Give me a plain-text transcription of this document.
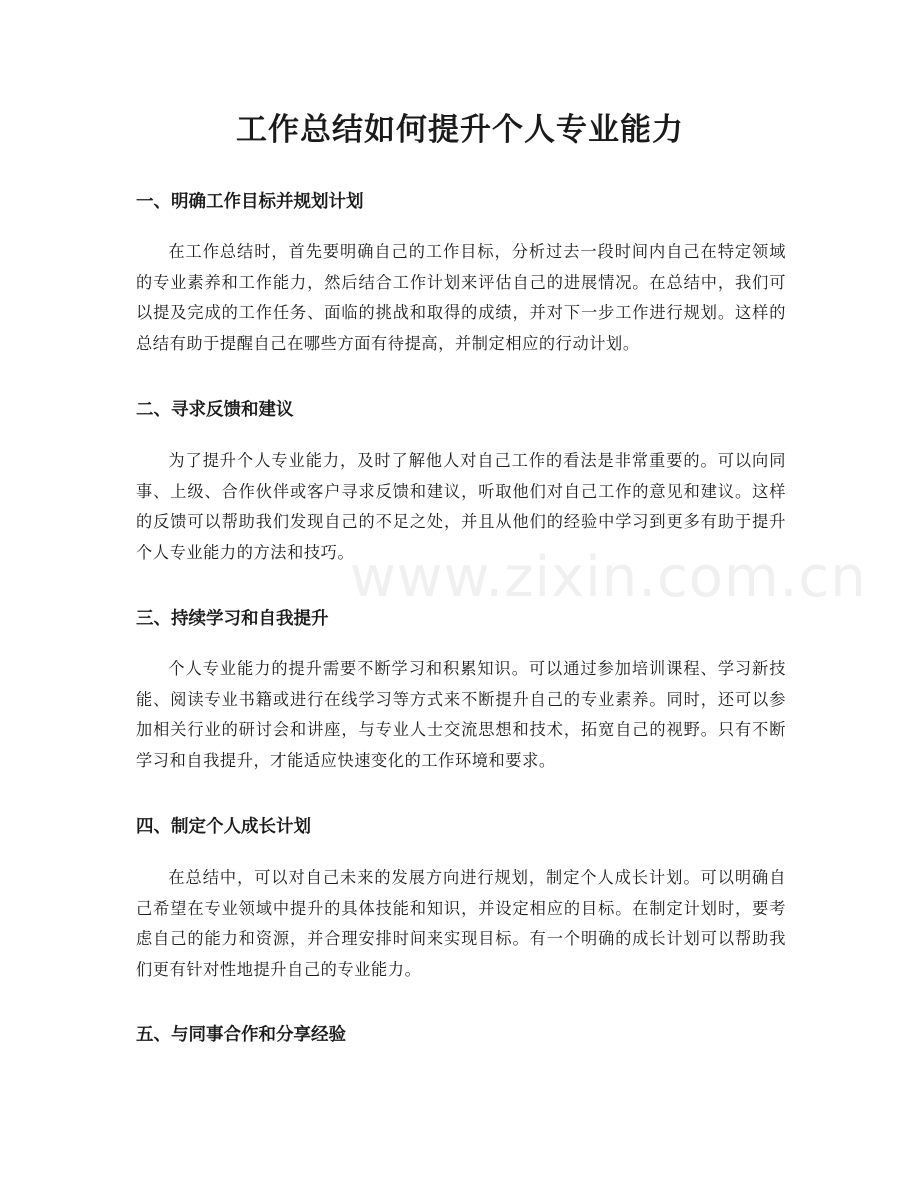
工作总结如何提升个人专业能力
一、明确工作目标并规划计划

在工作总结时，首先要明确自己的工作目标，分析过去一段时间内自己在特定领域的专业素养和工作能力，然后结合工作计划来评估自己的进展情况。在总结中，我们可以提及完成的工作任务、面临的挑战和取得的成绩，并对下一步工作进行规划。这样的总结有助于提醒自己在哪些方面有待提高，并制定相应的行动计划。

二、寻求反馈和建议

为了提升个人专业能力，及时了解他人对自己工作的看法是非常重要的。可以向同事、上级、合作伙伴或客户寻求反馈和建议，听取他们对自己工作的意见和建议。这样的反馈可以帮助我们发现自己的不足之处，并且从他们的经验中学习到更多有助于提升个人专业能力的方法和技巧。

三、持续学习和自我提升

个人专业能力的提升需要不断学习和积累知识。可以通过参加培训课程、学习新技能、阅读专业书籍或进行在线学习等方式来不断提升自己的专业素养。同时，还可以参加相关行业的研讨会和讲座，与专业人士交流思想和技术，拓宽自己的视野。只有不断学习和自我提升，才能适应快速变化的工作环境和要求。

四、制定个人成长计划

在总结中，可以对自己未来的发展方向进行规划，制定个人成长计划。可以明确自己希望在专业领域中提升的具体技能和知识，并设定相应的目标。在制定计划时，要考虑自己的能力和资源，并合理安排时间来实现目标。有一个明确的成长计划可以帮助我们更有针对性地提升自己的专业能力。

五、与同事合作和分享经验
www.zixin.com.cn
